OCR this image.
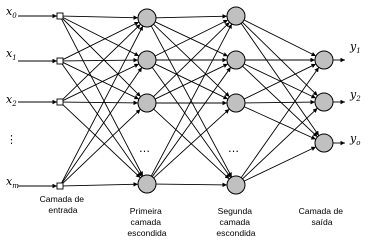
$x_0$
$x_1$
$x_2$
⋮
$x_m$
$y_1$
$y_2$
$y_o$
…	…
Camada de entrada	Primeira camada escondida
Segunda camada escondida
Camada de saída
